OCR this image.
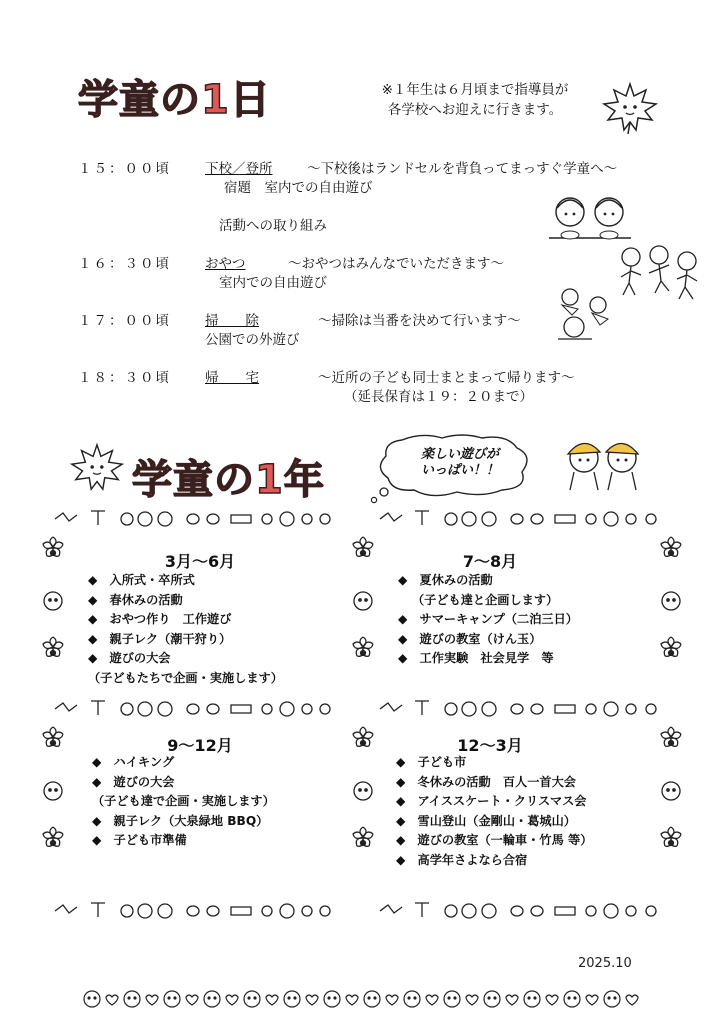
学童の1日	※１年生は６月頃まで指導員が
各学校へお迎えに行きます。
１５：００頃	下校／登所	～下校後はランドセルを背負ってまっすぐ学童へ～
宿題　室内での自由遊び
活動への取り組み
１６：３０頃	おやつ	～おやつはみんなでいただきます～
室内での自由遊び
１７：００頃	掃　　除	～掃除は当番を決めて行います～
公園での外遊び
１８：３０頃	帰　　宅	～近所の子ども同士まとまって帰ります～
（延長保育は１９：２０まで）
学童の1年
楽しい遊びが
いっぱい！！
3月～6月
◆　入所式・卒所式
◆　春休みの活動
◆　おやつ作り　工作遊び
◆　親子レク（潮干狩り）
◆　遊びの大会
（子どもたちで企画・実施します）
7～8月
◆　夏休みの活動
（子ども達と企画します）
◆　サマーキャンプ（二泊三日）
◆　遊びの教室（けん玉）
◆　工作実験　社会見学　等
9～12月
◆　ハイキング
◆　遊びの大会
（子ども達で企画・実施します）
◆　親子レク（大泉緑地 BBQ）
◆　子ども市準備
12～3月
◆　子ども市
◆　冬休みの活動　百人一首大会
◆　アイススケート・クリスマス会
◆　雪山登山（金剛山・葛城山）
◆　遊びの教室（一輪車・竹馬 等）
◆　高学年さよなら合宿
2025.10
